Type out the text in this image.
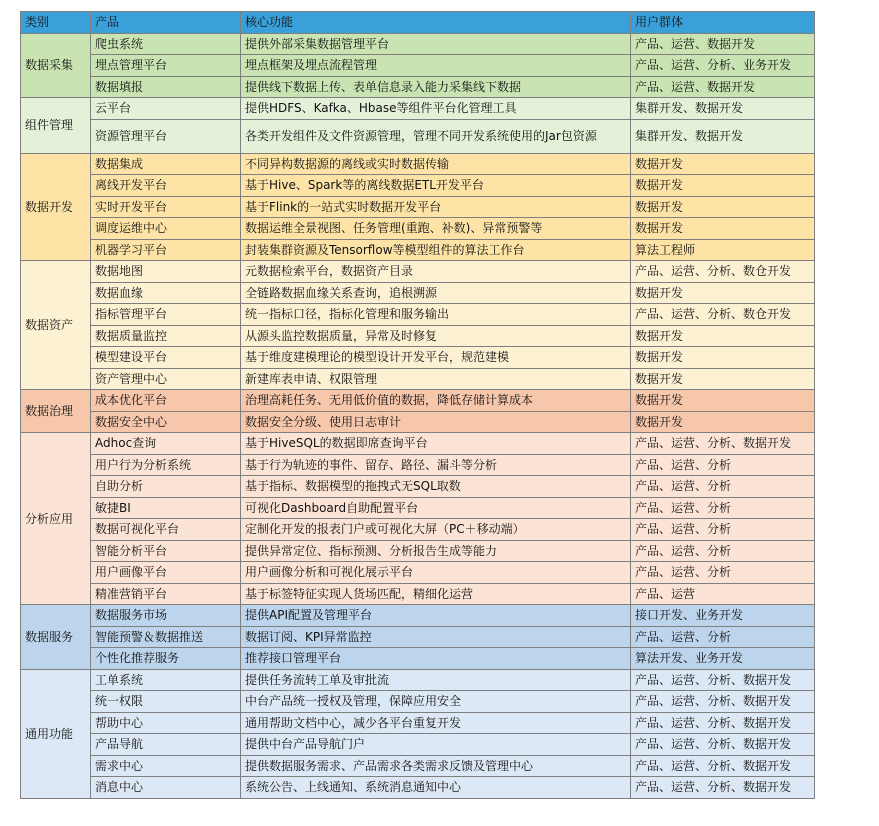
类别	产品	核心功能	用户群体
数据采集	爬虫系统	提供外部采集数据管理平台	产品、运营、数据开发
	埋点管理平台	埋点框架及埋点流程管理	产品、运营、分析、业务开发
	数据填报	提供线下数据上传、表单信息录入能力采集线下数据	产品、运营、数据开发
组件管理	云平台	提供HDFS、Kafka、Hbase等组件平台化管理工具	集群开发、数据开发
	资源管理平台	各类开发组件及文件资源管理，管理不同开发系统使用的Jar包资源	集群开发、数据开发
数据开发	数据集成	不同异构数据源的离线或实时数据传输	数据开发
	离线开发平台	基于Hive、Spark等的离线数据ETL开发平台	数据开发
	实时开发平台	基于Flink的一站式实时数据开发平台	数据开发
	调度运维中心	数据运维全景视图、任务管理(重跑、补数)、异常预警等	数据开发
	机器学习平台	封装集群资源及Tensorflow等模型组件的算法工作台	算法工程师
数据资产	数据地图	元数据检索平台，数据资产目录	产品、运营、分析、数仓开发
	数据血缘	全链路数据血缘关系查询，追根溯源	数据开发
	指标管理平台	统一指标口径，指标化管理和服务输出	产品、运营、分析、数仓开发
	数据质量监控	从源头监控数据质量，异常及时修复	数据开发
	模型建设平台	基于维度建模理论的模型设计开发平台，规范建模	数据开发
	资产管理中心	新建库表申请、权限管理	数据开发
数据治理	成本优化平台	治理高耗任务、无用低价值的数据，降低存储计算成本	数据开发
	数据安全中心	数据安全分级、使用日志审计	数据开发
分析应用	Adhoc查询	基于HiveSQL的数据即席查询平台	产品、运营、分析、数据开发
	用户行为分析系统	基于行为轨迹的事件、留存、路径、漏斗等分析	产品、运营、分析
	自助分析	基于指标、数据模型的拖拽式无SQL取数	产品、运营、分析
	敏捷BI	可视化Dashboard自助配置平台	产品、运营、分析
	数据可视化平台	定制化开发的报表门户或可视化大屏（PC＋移动端）	产品、运营、分析
	智能分析平台	提供异常定位、指标预测、分析报告生成等能力	产品、运营、分析
	用户画像平台	用户画像分析和可视化展示平台	产品、运营、分析
	精准营销平台	基于标签特征实现人货场匹配，精细化运营	产品、运营
数据服务	数据服务市场	提供API配置及管理平台	接口开发、业务开发
	智能预警＆数据推送	数据订阅、KPI异常监控	产品、运营、分析
	个性化推荐服务	推荐接口管理平台	算法开发、业务开发
通用功能	工单系统	提供任务流转工单及审批流	产品、运营、分析、数据开发
	统一权限	中台产品统一授权及管理，保障应用安全	产品、运营、分析、数据开发
	帮助中心	通用帮助文档中心，减少各平台重复开发	产品、运营、分析、数据开发
	产品导航	提供中台产品导航门户	产品、运营、分析、数据开发
	需求中心	提供数据服务需求、产品需求各类需求反馈及管理中心	产品、运营、分析、数据开发
	消息中心	系统公告、上线通知、系统消息通知中心	产品、运营、分析、数据开发
